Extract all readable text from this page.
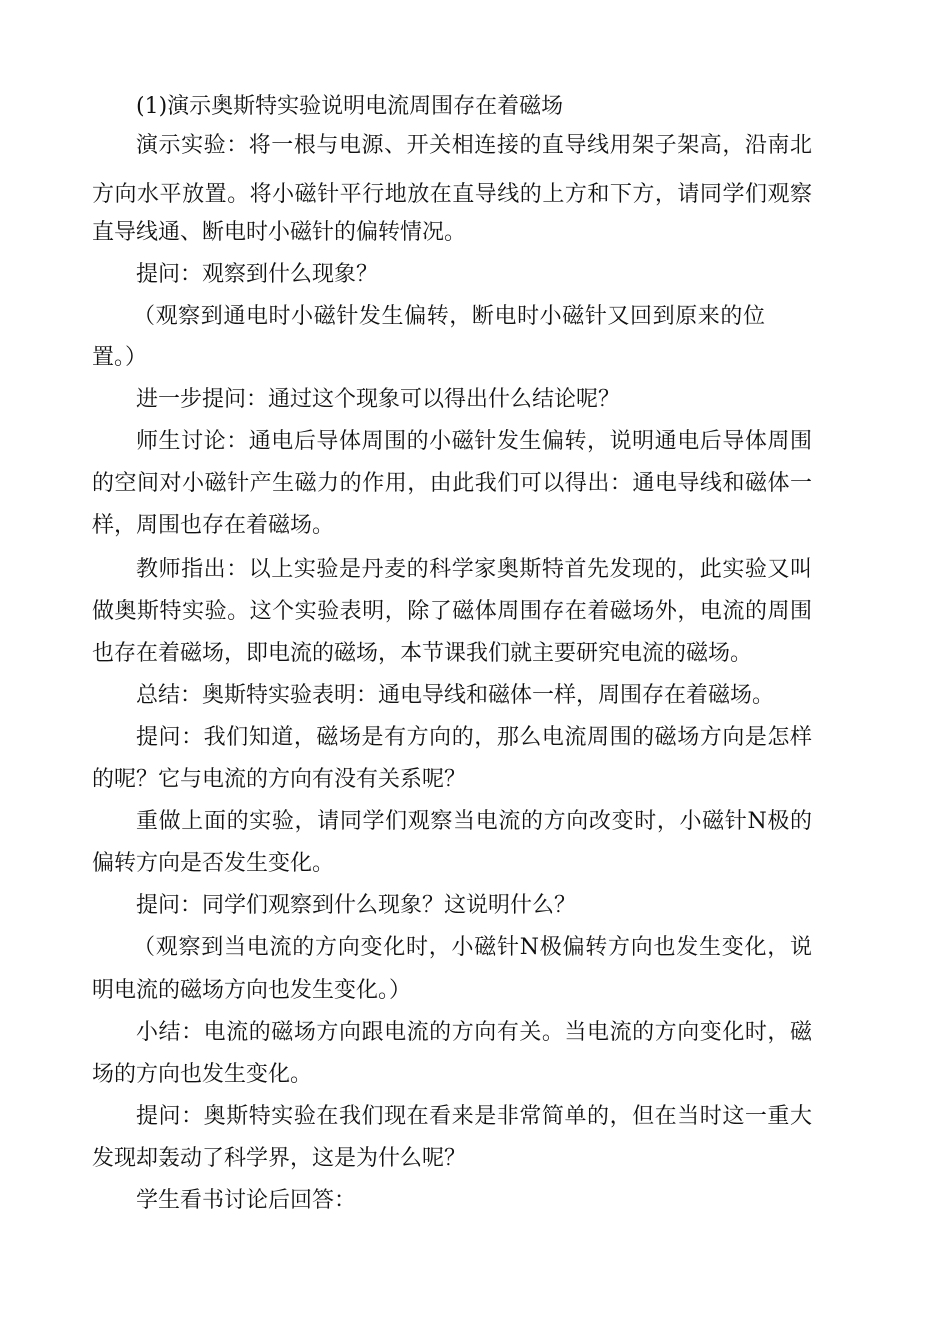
(1)演示奥斯特实验说明电流周围存在着磁场
演示实验：将一根与电源、开关相连接的直导线用架子架高，沿南北
方向水平放置。将小磁针平行地放在直导线的上方和下方，请同学们观察
直导线通、断电时小磁针的偏转情况。
提问：观察到什么现象？
（观察到通电时小磁针发生偏转，断电时小磁针又回到原来的位
置。）
进一步提问：通过这个现象可以得出什么结论呢？
师生讨论：通电后导体周围的小磁针发生偏转，说明通电后导体周围
的空间对小磁针产生磁力的作用，由此我们可以得出：通电导线和磁体一
样，周围也存在着磁场。
教师指出：以上实验是丹麦的科学家奥斯特首先发现的，此实验又叫
做奥斯特实验。这个实验表明，除了磁体周围存在着磁场外，电流的周围
也存在着磁场，即电流的磁场，本节课我们就主要研究电流的磁场。
总结：奥斯特实验表明：通电导线和磁体一样，周围存在着磁场。
提问：我们知道，磁场是有方向的，那么电流周围的磁场方向是怎样
的呢？它与电流的方向有没有关系呢？
重做上面的实验，请同学们观察当电流的方向改变时，小磁针N极的
偏转方向是否发生变化。
提问：同学们观察到什么现象？这说明什么？
（观察到当电流的方向变化时，小磁针N极偏转方向也发生变化，说
明电流的磁场方向也发生变化。）
小结：电流的磁场方向跟电流的方向有关。当电流的方向变化时，磁
场的方向也发生变化。
提问：奥斯特实验在我们现在看来是非常简单的，但在当时这一重大
发现却轰动了科学界，这是为什么呢？
学生看书讨论后回答：
